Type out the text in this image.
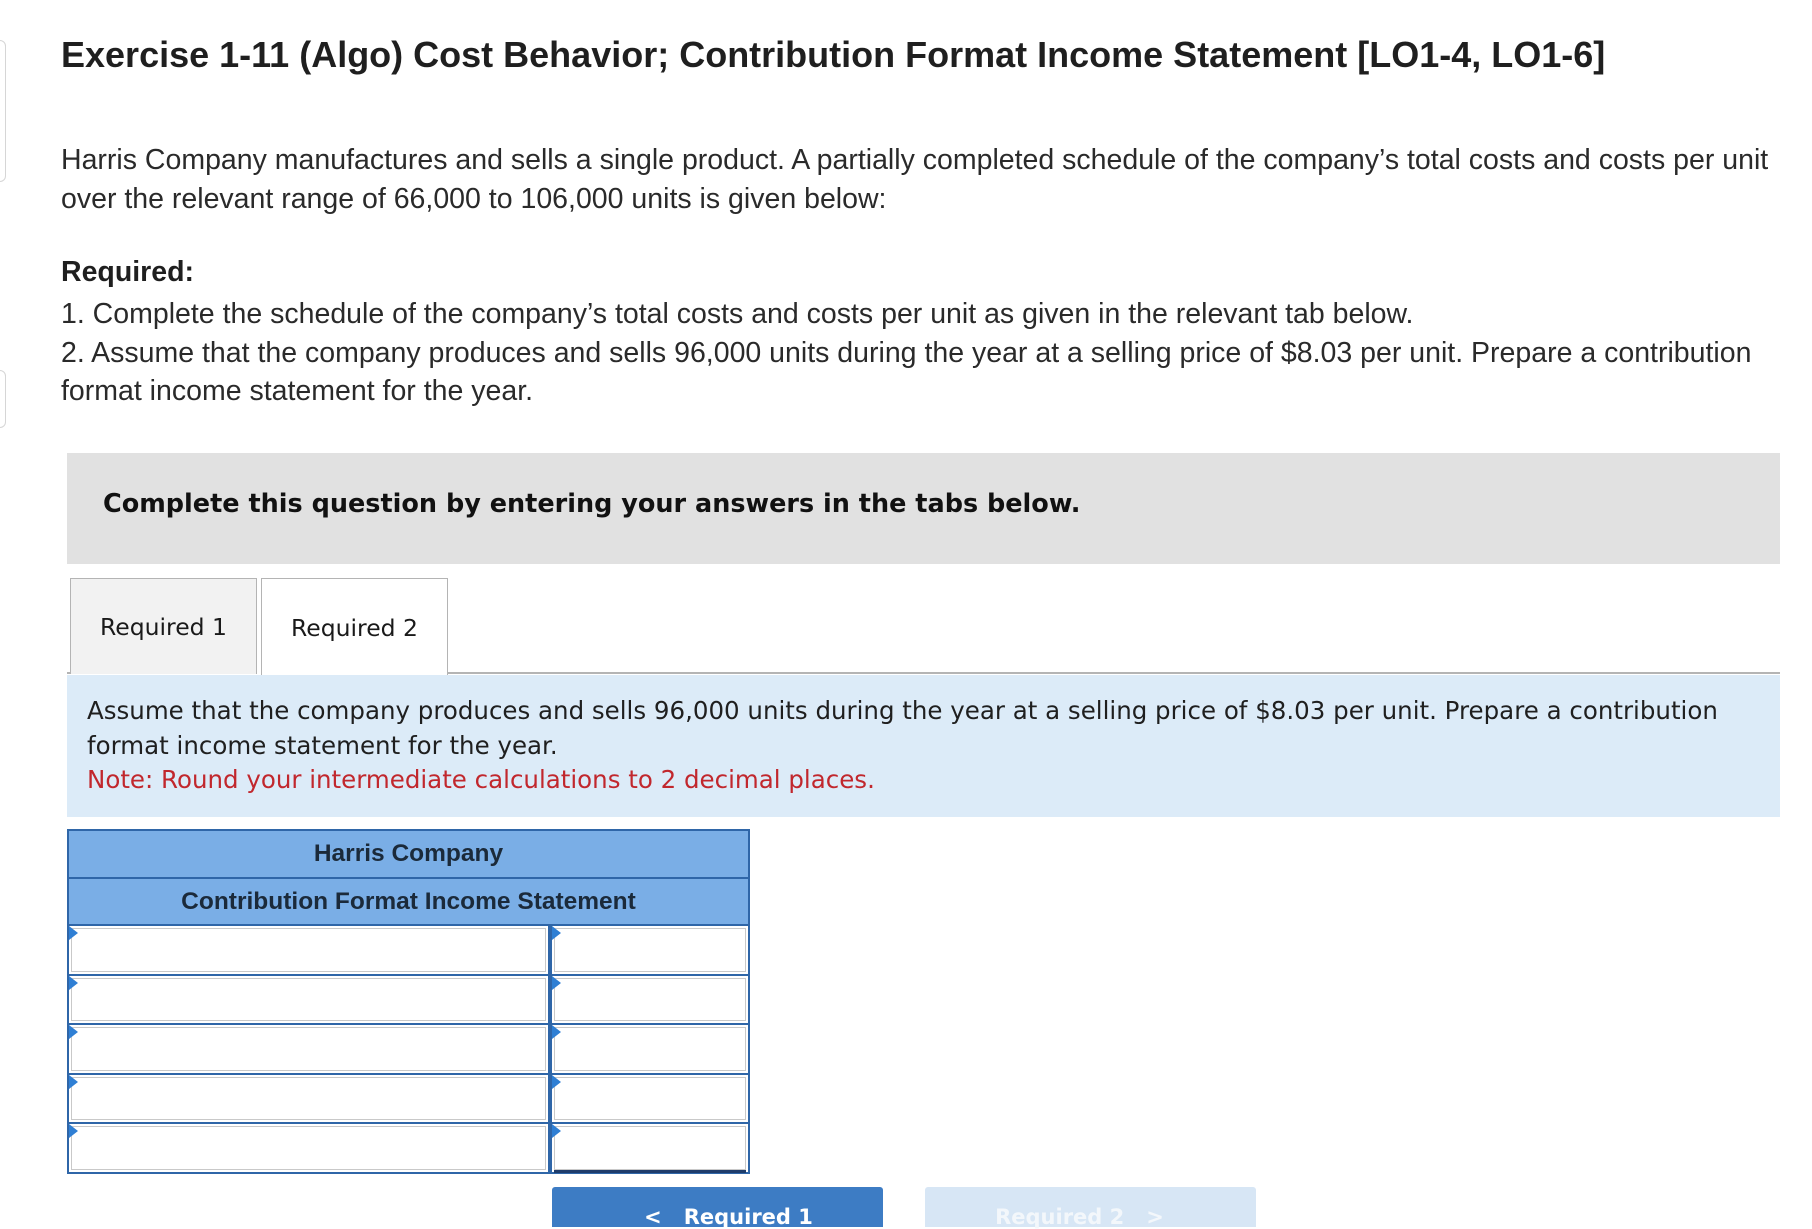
Exercise 1-11 (Algo) Cost Behavior; Contribution Format Income Statement [LO1-4, LO1-6]

Harris Company manufactures and sells a single product. A partially completed schedule of the company’s total costs and costs per unit over the relevant range of 66,000 to 106,000 units is given below:

Required:

1. Complete the schedule of the company’s total costs and costs per unit as given in the relevant tab below.
2. Assume that the company produces and sells 96,000 units during the year at a selling price of $8.03 per unit. Prepare a contribution format income statement for the year.
Complete this question by entering your answers in the tabs below.
Required 1	Required 2
Assume that the company produces and sells 96,000 units during the year at a selling price of $8.03 per unit. Prepare a contribution format income statement for the year.
Note: Round your intermediate calculations to 2 decimal places.
Harris Company
Contribution Format Income Statement
< Required 1	Required 2 >
